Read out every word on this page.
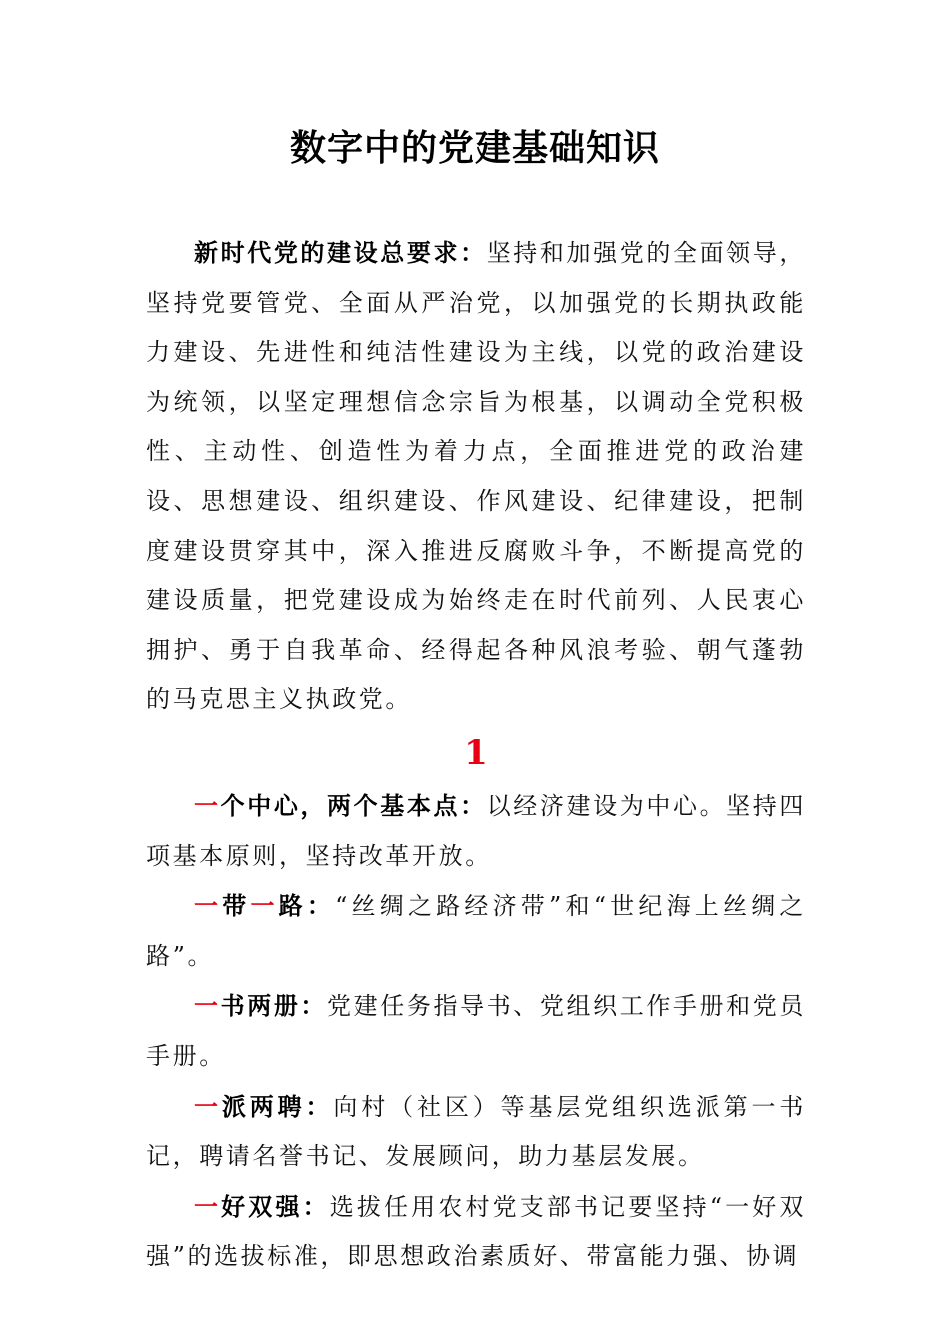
数字中的党建基础知识

新时代党的建设总要求：坚持和加强党的全面领导，坚持党要管党、全面从严治党，以加强党的长期执政能力建设、先进性和纯洁性建设为主线，以党的政治建设为统领，以坚定理想信念宗旨为根基，以调动全党积极性、主动性、创造性为着力点，全面推进党的政治建设、思想建设、组织建设、作风建设、纪律建设，把制度建设贯穿其中，深入推进反腐败斗争，不断提高党的建设质量，把党建设成为始终走在时代前列、人民衷心拥护、勇于自我革命、经得起各种风浪考验、朝气蓬勃的马克思主义执政党。

1

一个中心，两个基本点：以经济建设为中心。坚持四项基本原则，坚持改革开放。

一带一路：“丝绸之路经济带”和“世纪海上丝绸之路”。

一书两册：党建任务指导书、党组织工作手册和党员手册。

一派两聘：向村（社区）等基层党组织选派第一书记，聘请名誉书记、发展顾问，助力基层发展。

一好双强：选拔任用农村党支部书记要坚持“一好双强”的选拔标准，即思想政治素质好、带富能力强、协调
